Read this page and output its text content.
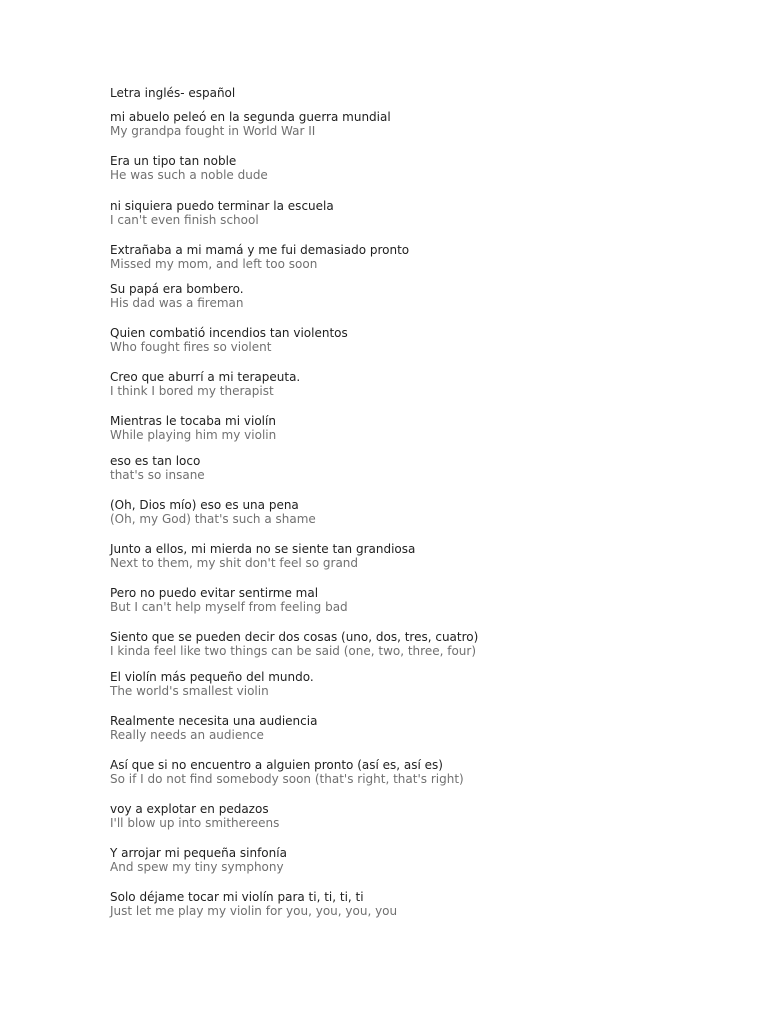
Letra inglés- español
mi abuelo peleó en la segunda guerra mundial
My grandpa fought in World War II
Era un tipo tan noble
He was such a noble dude
ni siquiera puedo terminar la escuela
I can't even finish school
Extrañaba a mi mamá y me fui demasiado pronto
Missed my mom, and left too soon
Su papá era bombero.
His dad was a fireman
Quien combatió incendios tan violentos
Who fought fires so violent
Creo que aburrí a mi terapeuta.
I think I bored my therapist
Mientras le tocaba mi violín
While playing him my violin
eso es tan loco
that's so insane
(Oh, Dios mío) eso es una pena
(Oh, my God) that's such a shame
Junto a ellos, mi mierda no se siente tan grandiosa
Next to them, my shit don't feel so grand
Pero no puedo evitar sentirme mal
But I can't help myself from feeling bad
Siento que se pueden decir dos cosas (uno, dos, tres, cuatro)
I kinda feel like two things can be said (one, two, three, four)
El violín más pequeño del mundo.
The world's smallest violin
Realmente necesita una audiencia
Really needs an audience
Así que si no encuentro a alguien pronto (así es, así es)
So if I do not find somebody soon (that's right, that's right)
voy a explotar en pedazos
I'll blow up into smithereens
Y arrojar mi pequeña sinfonía
And spew my tiny symphony
Solo déjame tocar mi violín para ti, ti, ti, ti
Just let me play my violin for you, you, you, you
